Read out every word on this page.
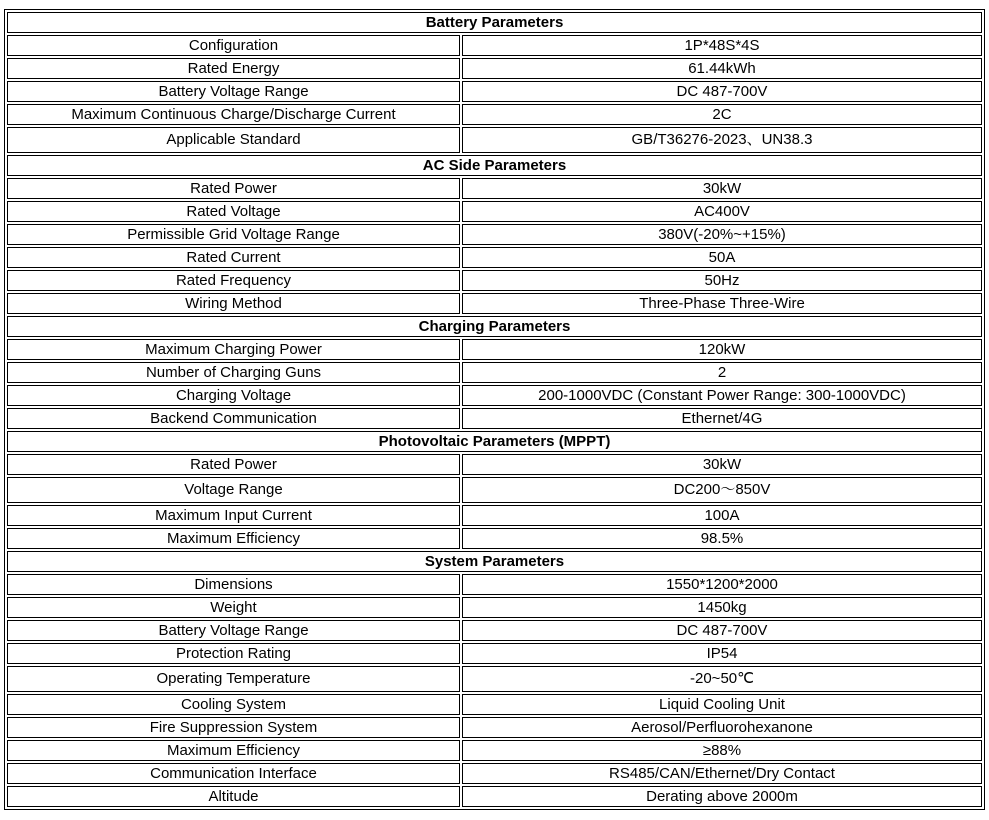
Battery Parameters	
Configuration	1P*48S*4S
Rated Energy	61.44kWh
Battery Voltage Range	DC 487-700V
Maximum Continuous Charge/Discharge Current	2C
Applicable Standard	GB/T36276-2023、UN38.3
AC Side Parameters	
Rated Power	30kW
Rated Voltage	AC400V
Permissible Grid Voltage Range	380V(-20%~+15%)
Rated Current	50A
Rated Frequency	50Hz
Wiring Method	Three-Phase Three-Wire
Charging Parameters	
Maximum Charging Power	120kW
Number of Charging Guns	2
Charging Voltage	200-1000VDC (Constant Power Range: 300-1000VDC)
Backend Communication	Ethernet/4G
Photovoltaic Parameters (MPPT)	
Rated Power	30kW
Voltage Range	DC200～850V
Maximum Input Current	100A
Maximum Efficiency	98.5%
System Parameters	
Dimensions	1550*1200*2000
Weight	1450kg
Battery Voltage Range	DC 487-700V
Protection Rating	IP54
Operating Temperature	-20~50℃
Cooling System	Liquid Cooling Unit
Fire Suppression System	Aerosol/Perfluorohexanone
Maximum Efficiency	≥88%
Communication Interface	RS485/CAN/Ethernet/Dry Contact
Altitude	Derating above 2000m
